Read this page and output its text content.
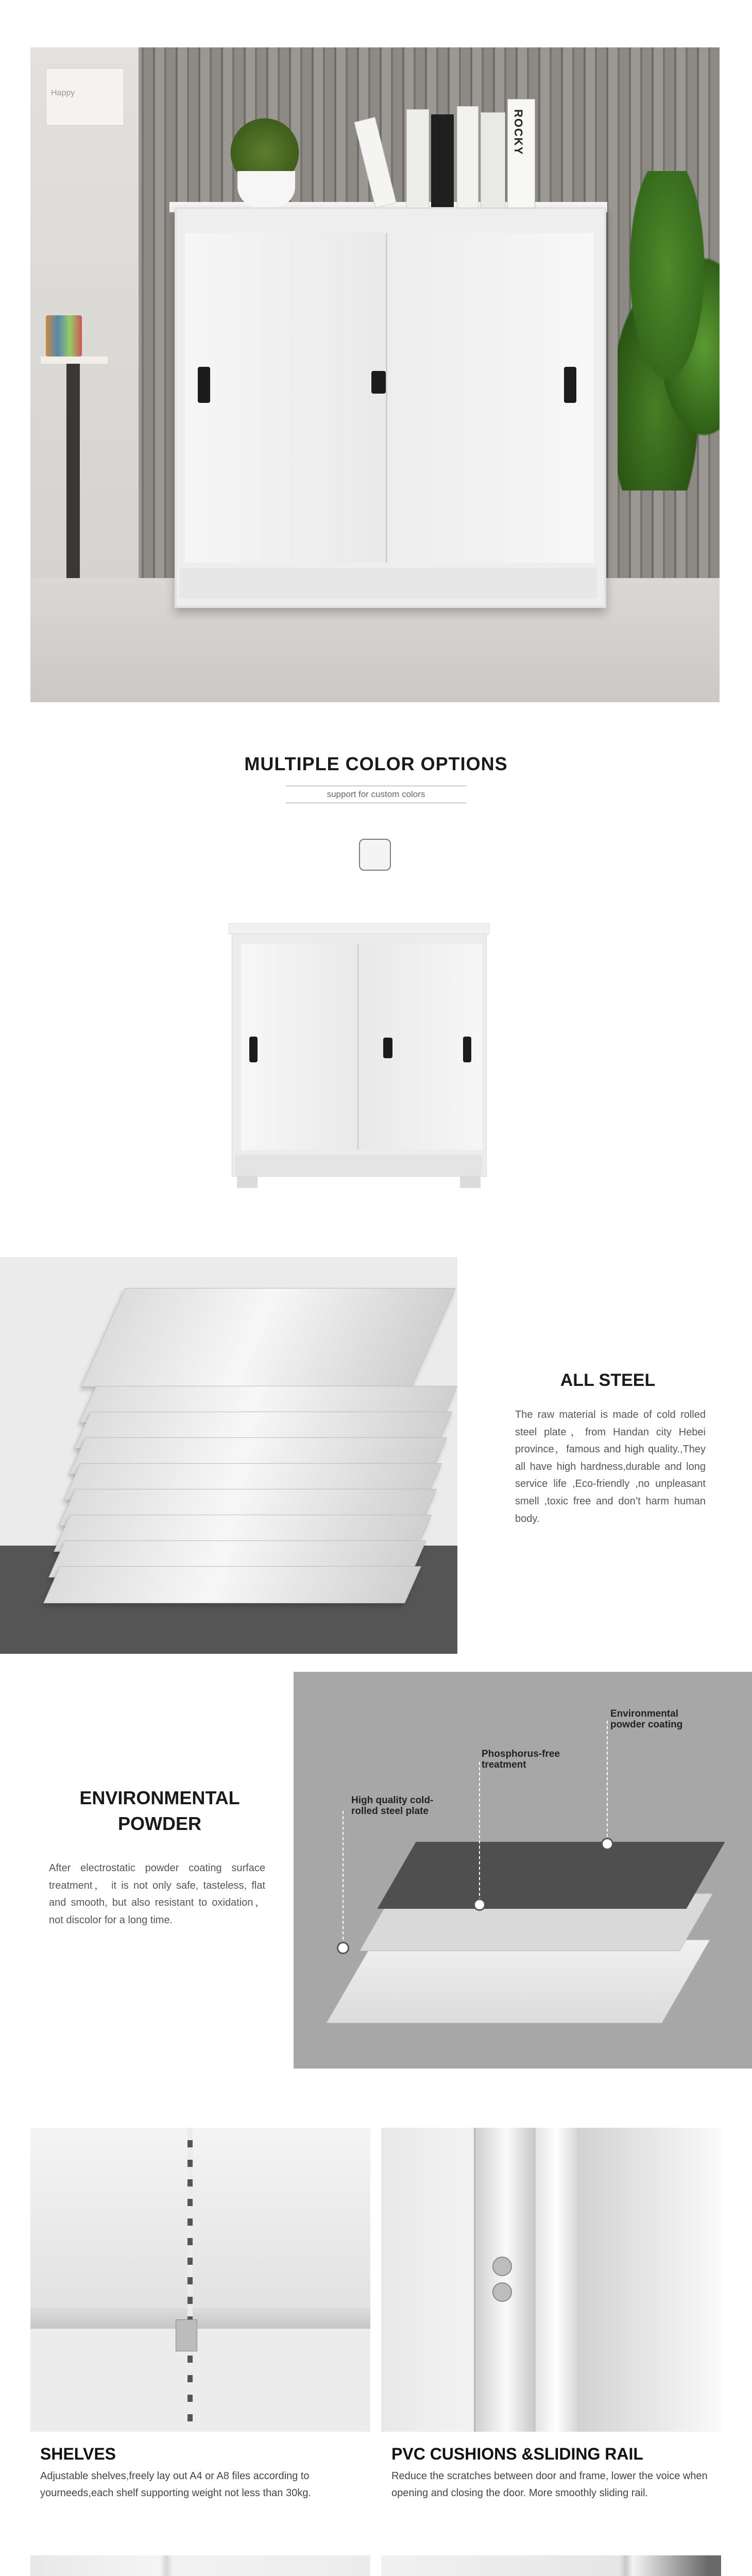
Happy
ROCKY
MULTIPLE COLOR OPTIONS
support for custom colors
ALL STEEL
The raw material is made of cold rolled steel plate，from Handan city Hebei province，famous and high quality.,They all have high hardness,durable and long service life ,Eco-friendly ,no unpleasant smell ,toxic free and don’t harm human body.
ENVIRONMENTAL
POWDER
After electrostatic powder coating surface treatment， it is not only safe, tasteless, flat and smooth, but also resistant to oxidation，not discolor for a long time.
Environmental
powder coating
Phosphorus-free
treatment
High quality cold-
rolled steel plate
SHELVES
Adjustable shelves,freely lay out A4 or A8 files according to yourneeds,each shelf supporting weight not less than 30kg.
PVC CUSHIONS &SLIDING RAIL
Reduce the scratches between door and frame, lower the voice when opening and closing the door. More smoothly sliding rail.
